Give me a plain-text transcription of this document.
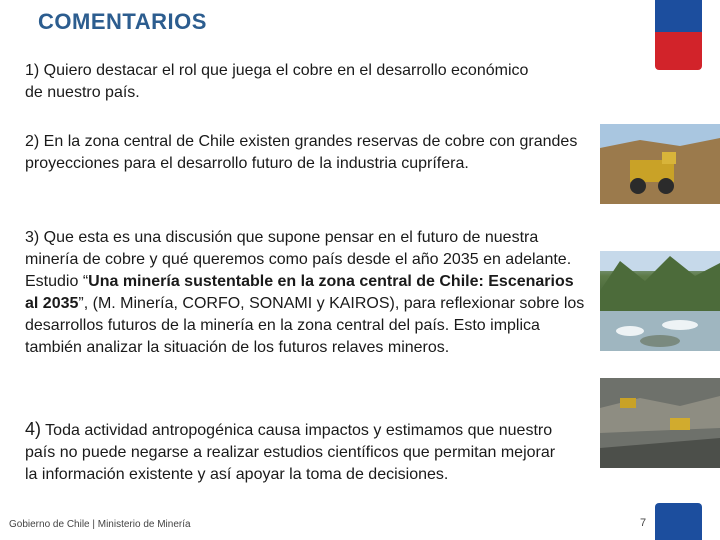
COMENTARIOS
1) Quiero destacar el rol que juega el cobre en el desarrollo económico de nuestro país.
2) En la zona central de Chile existen grandes reservas de cobre con grandes proyecciones para el desarrollo futuro de la industria cuprífera.
3) Que esta es una discusión que supone pensar en el futuro de nuestra minería de cobre y qué queremos como país desde el año 2035 en adelante. Estudio “Una minería sustentable en la zona central de Chile: Escenarios al 2035”, (M. Minería, CORFO, SONAMI y KAIROS), para reflexionar sobre los desarrollos futuros de la minería en la zona central del país. Esto implica también analizar la situación de los futuros relaves mineros.
4) Toda actividad antropogénica causa impactos y estimamos que nuestro país no puede negarse a realizar estudios científicos que permitan mejorar la información existente y así apoyar la toma de decisiones.
Gobierno de Chile | Ministerio de Minería	7
